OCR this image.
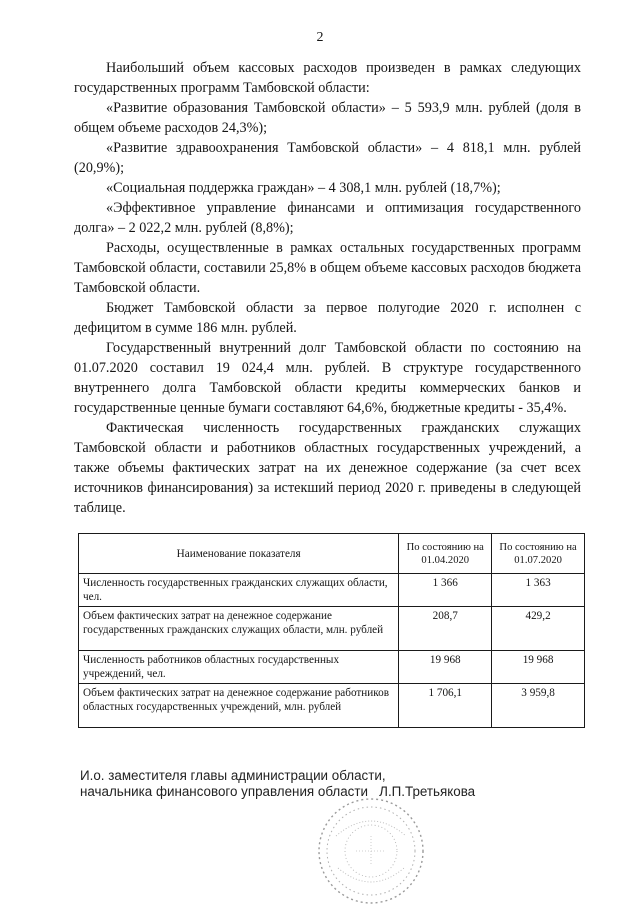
2

Наибольший объем кассовых расходов произведен в рамках следующих государственных программ Тамбовской области:

«Развитие образования Тамбовской области» – 5 593,9 млн. рублей (доля в общем объеме расходов 24,3%);

«Развитие здравоохранения Тамбовской области» – 4 818,1 млн. рублей (20,9%);

«Социальная поддержка граждан» – 4 308,1 млн. рублей (18,7%);

«Эффективное управление финансами и оптимизация государственного долга» – 2 022,2 млн. рублей (8,8%);

Расходы, осуществленные в рамках остальных государственных программ Тамбовской области, составили 25,8% в общем объеме кассовых расходов бюджета Тамбовской области.

Бюджет Тамбовской области за первое полугодие 2020 г. исполнен с дефицитом в сумме 186 млн. рублей.

Государственный внутренний долг Тамбовской области по состоянию на 01.07.2020 составил 19 024,4 млн. рублей. В структуре государственного внутреннего долга Тамбовской области кредиты коммерческих банков и государственные ценные бумаги составляют 64,6%, бюджетные кредиты - 35,4%.

Фактическая численность государственных гражданских служащих Тамбовской области и работников областных государственных учреждений, а также объемы фактических затрат на их денежное содержание (за счет всех источников финансирования) за истекший период 2020 г. приведены в следующей таблице.

Наименование показателя	По состоянию на 01.04.2020	По состоянию на 01.07.2020
Численность государственных гражданских служащих области, чел.	1 366	1 363
Объем фактических затрат на денежное содержание государственных гражданских служащих области, млн. рублей	208,7	429,2
Численность работников областных государственных учреждений, чел.	19 968	19 968
Объем фактических затрат на денежное содержание работников областных государственных учреждений, млн. рублей	1 706,1	3 959,8
И.о. заместителя главы администрации области,
начальника финансового управления области Л.П.Третьякова
